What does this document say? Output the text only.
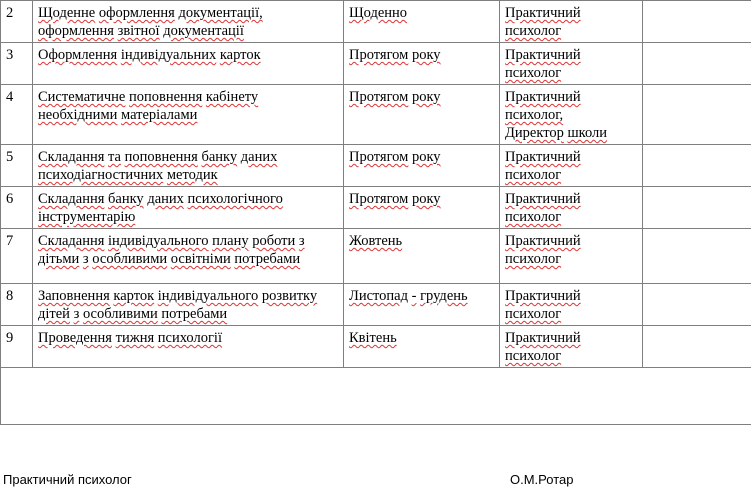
2	Щоденне оформлення документації, оформлення звітної документації	Щоденно	Практичний
психолог	

3	Оформлення індивідуальних карток	Протягом року	Практичний
психолог	

4	Систематичне поповнення кабінету необхідними матеріалами	Протягом року	Практичний
психолог,
Директор школи	

5	Складання та поповнення банку даних психодіагностичних методик	Протягом року	Практичний
психолог	

6	Складання банку даних психологічного інструментарію	Протягом року	Практичний
психолог	

7	Складання індивідуального плану роботи з дітьми з особливими освітніми потребами	Жовтень	Практичний
психолог	

8	Заповнення карток індивідуального розвитку дітей з особливими потребами	Листопад - грудень	Практичний
психолог	

9	Проведення тижня психології	Квітень	Практичний
психолог	

Практичний психолог	О.М.Ротар
